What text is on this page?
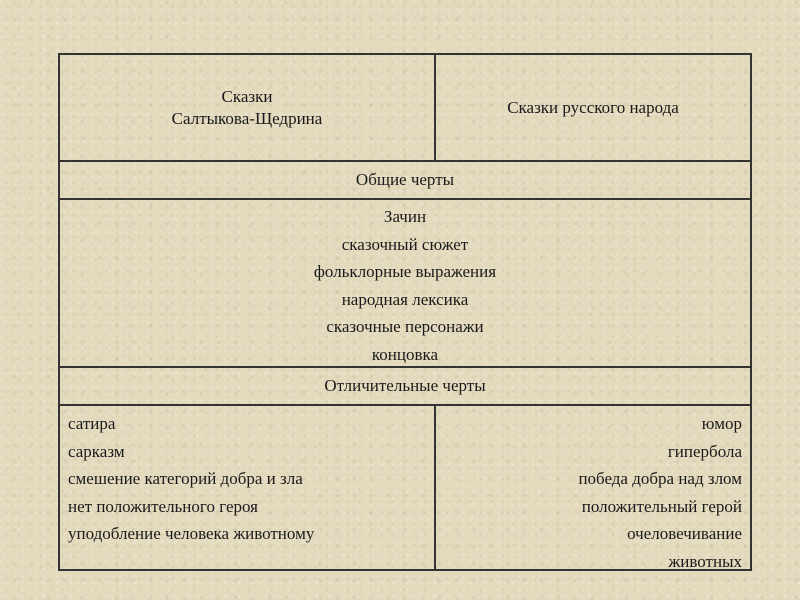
Сказки
Салтыкова-Щедрина
Сказки русского народа
Общие черты
Зачин
сказочный сюжет
фольклорные выражения
народная лексика
сказочные персонажи
концовка
Отличительные черты
сатира
сарказм
смешение категорий добра и зла
нет положительного героя
уподобление человека животному
юмор
гипербола
победа добра над злом
положительный герой
очеловечивание
животных
